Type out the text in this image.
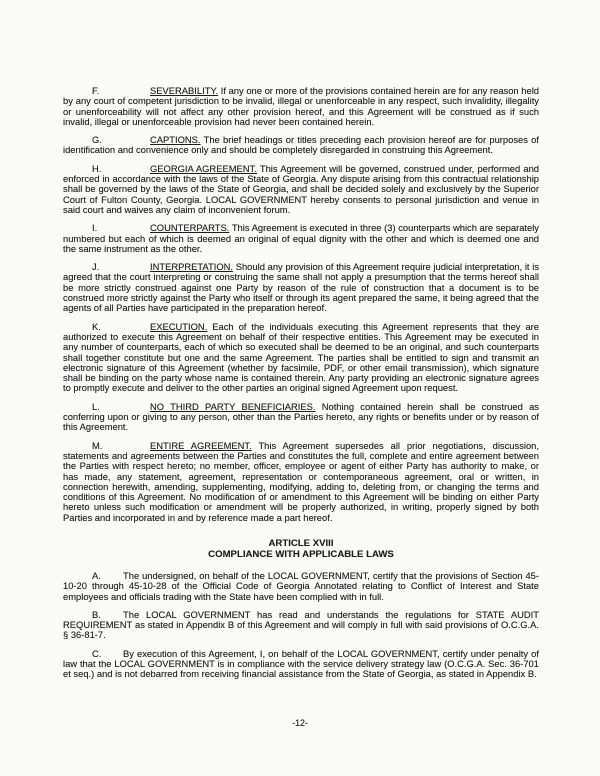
F.	SEVERABILITY. If any one or more of the provisions contained herein are for any reason held by any court of competent jurisdiction to be invalid, illegal or unenforceable in any respect, such invalidity, illegality or unenforceability will not affect any other provision hereof, and this Agreement will be construed as if such invalid, illegal or unenforceable provision had never been contained herein.

G.	CAPTIONS. The brief headings or titles preceding each provision hereof are for purposes of identification and convenience only and should be completely disregarded in construing this Agreement.

H.	GEORGIA AGREEMENT. This Agreement will be governed, construed under, performed and enforced in accordance with the laws of the State of Georgia. Any dispute arising from this contractual relationship shall be governed by the laws of the State of Georgia, and shall be decided solely and exclusively by the Superior Court of Fulton County, Georgia. LOCAL GOVERNMENT hereby consents to personal jurisdiction and venue in said court and waives any claim of inconvenient forum.

I.	COUNTERPARTS. This Agreement is executed in three (3) counterparts which are separately numbered but each of which is deemed an original of equal dignity with the other and which is deemed one and the same instrument as the other.

J.	INTERPRETATION. Should any provision of this Agreement require judicial interpretation, it is agreed that the court interpreting or construing the same shall not apply a presumption that the terms hereof shall be more strictly construed against one Party by reason of the rule of construction that a document is to be construed more strictly against the Party who itself or through its agent prepared the same, it being agreed that the agents of all Parties have participated in the preparation hereof.

K.	EXECUTION. Each of the individuals executing this Agreement represents that they are authorized to execute this Agreement on behalf of their respective entities. This Agreement may be executed in any number of counterparts, each of which so executed shall be deemed to be an original, and such counterparts shall together constitute but one and the same Agreement. The parties shall be entitled to sign and transmit an electronic signature of this Agreement (whether by facsimile, PDF, or other email transmission), which signature shall be binding on the party whose name is contained therein. Any party providing an electronic signature agrees to promptly execute and deliver to the other parties an original signed Agreement upon request.

L.	NO THIRD PARTY BENEFICIARIES. Nothing contained herein shall be construed as conferring upon or giving to any person, other than the Parties hereto, any rights or benefits under or by reason of this Agreement.

M.	ENTIRE AGREEMENT. This Agreement supersedes all prior negotiations, discussion, statements and agreements between the Parties and constitutes the full, complete and entire agreement between the Parties with respect hereto; no member, officer, employee or agent of either Party has authority to make, or has made, any statement, agreement, representation or contemporaneous agreement, oral or written, in connection herewith, amending, supplementing, modifying, adding to, deleting from, or changing the terms and conditions of this Agreement. No modification of or amendment to this Agreement will be binding on either Party hereto unless such modification or amendment will be properly authorized, in writing, properly signed by both Parties and incorporated in and by reference made a part hereof.

ARTICLE XVIII
COMPLIANCE WITH APPLICABLE LAWS

A. The undersigned, on behalf of the LOCAL GOVERNMENT, certify that the provisions of Section 45-10-20 through 45-10-28 of the Official Code of Georgia Annotated relating to Conflict of Interest and State employees and officials trading with the State have been complied with in full.

B. The LOCAL GOVERNMENT has read and understands the regulations for STATE AUDIT REQUIREMENT as stated in Appendix B of this Agreement and will comply in full with said provisions of O.C.G.A. § 36-81-7.

C. By execution of this Agreement, I, on behalf of the LOCAL GOVERNMENT, certify under penalty of law that the LOCAL GOVERNMENT is in compliance with the service delivery strategy law (O.C.G.A. Sec. 36-701 et seq.) and is not debarred from receiving financial assistance from the State of Georgia, as stated in Appendix B.

-12-
